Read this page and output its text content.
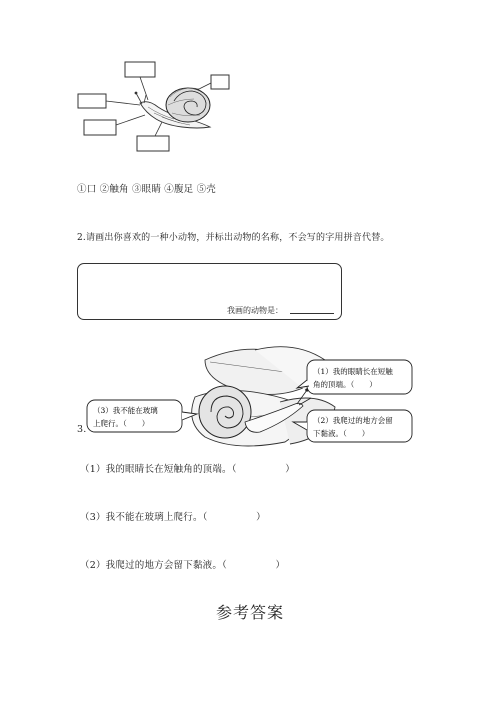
①口 ②触角 ③眼睛 ④腹足 ⑤壳
2.请画出你喜欢的一种小动物，并标出动物的名称，不会写的字用拼音代替。
我画的动物是：
3.
（1）我的眼睛长在短触
角的顶端。（　　）
（2）我爬过的地方会留
下黏液。（　　）
（3）我不能在玻璃
上爬行。（　　）
（1）我的眼睛长在短触角的顶端。（　　　　　）
（3）我不能在玻璃上爬行。（　　　　　）
（2）我爬过的地方会留下黏液。（　　　　　）
参考答案
